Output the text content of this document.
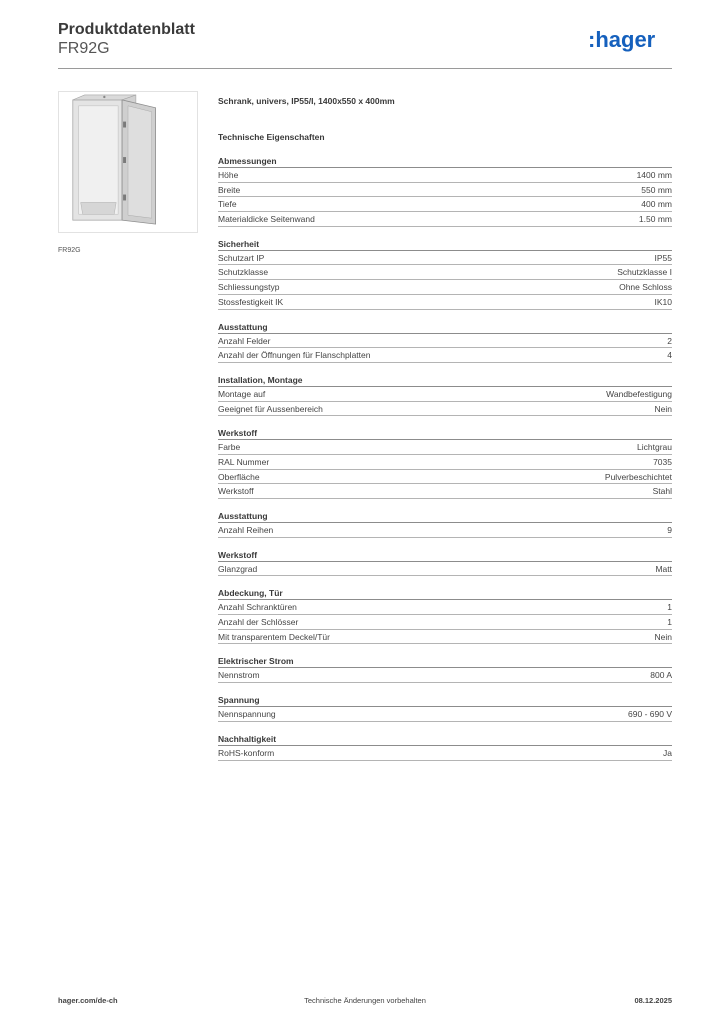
Produktdatenblatt
FR92G	:hager
FR92G
Schrank, univers, IP55/I, 1400x550 x 400mm
Technische Eigenschaften
Abmessungen
Höhe	1400 mm
Breite	550 mm
Tiefe	400 mm
Materialdicke Seitenwand	1.50 mm
Sicherheit
Schutzart IP	IP55
Schutzklasse	Schutzklasse I
Schliessungstyp	Ohne Schloss
Stossfestigkeit IK	IK10
Ausstattung
Anzahl Felder	2
Anzahl der Öffnungen für Flanschplatten	4
Installation, Montage
Montage auf	Wandbefestigung
Geeignet für Aussenbereich	Nein
Werkstoff
Farbe	Lichtgrau
RAL Nummer	7035
Oberfläche	Pulverbeschichtet
Werkstoff	Stahl
Ausstattung
Anzahl Reihen	9
Werkstoff
Glanzgrad	Matt
Abdeckung, Tür
Anzahl Schranktüren	1
Anzahl der Schlösser	1
Mit transparentem Deckel/Tür	Nein
Elektrischer Strom
Nennstrom	800 A
Spannung
Nennspannung	690 - 690 V
Nachhaltigkeit
RoHS-konform	Ja
hager.com/de-ch	Technische Änderungen vorbehalten	08.12.2025
